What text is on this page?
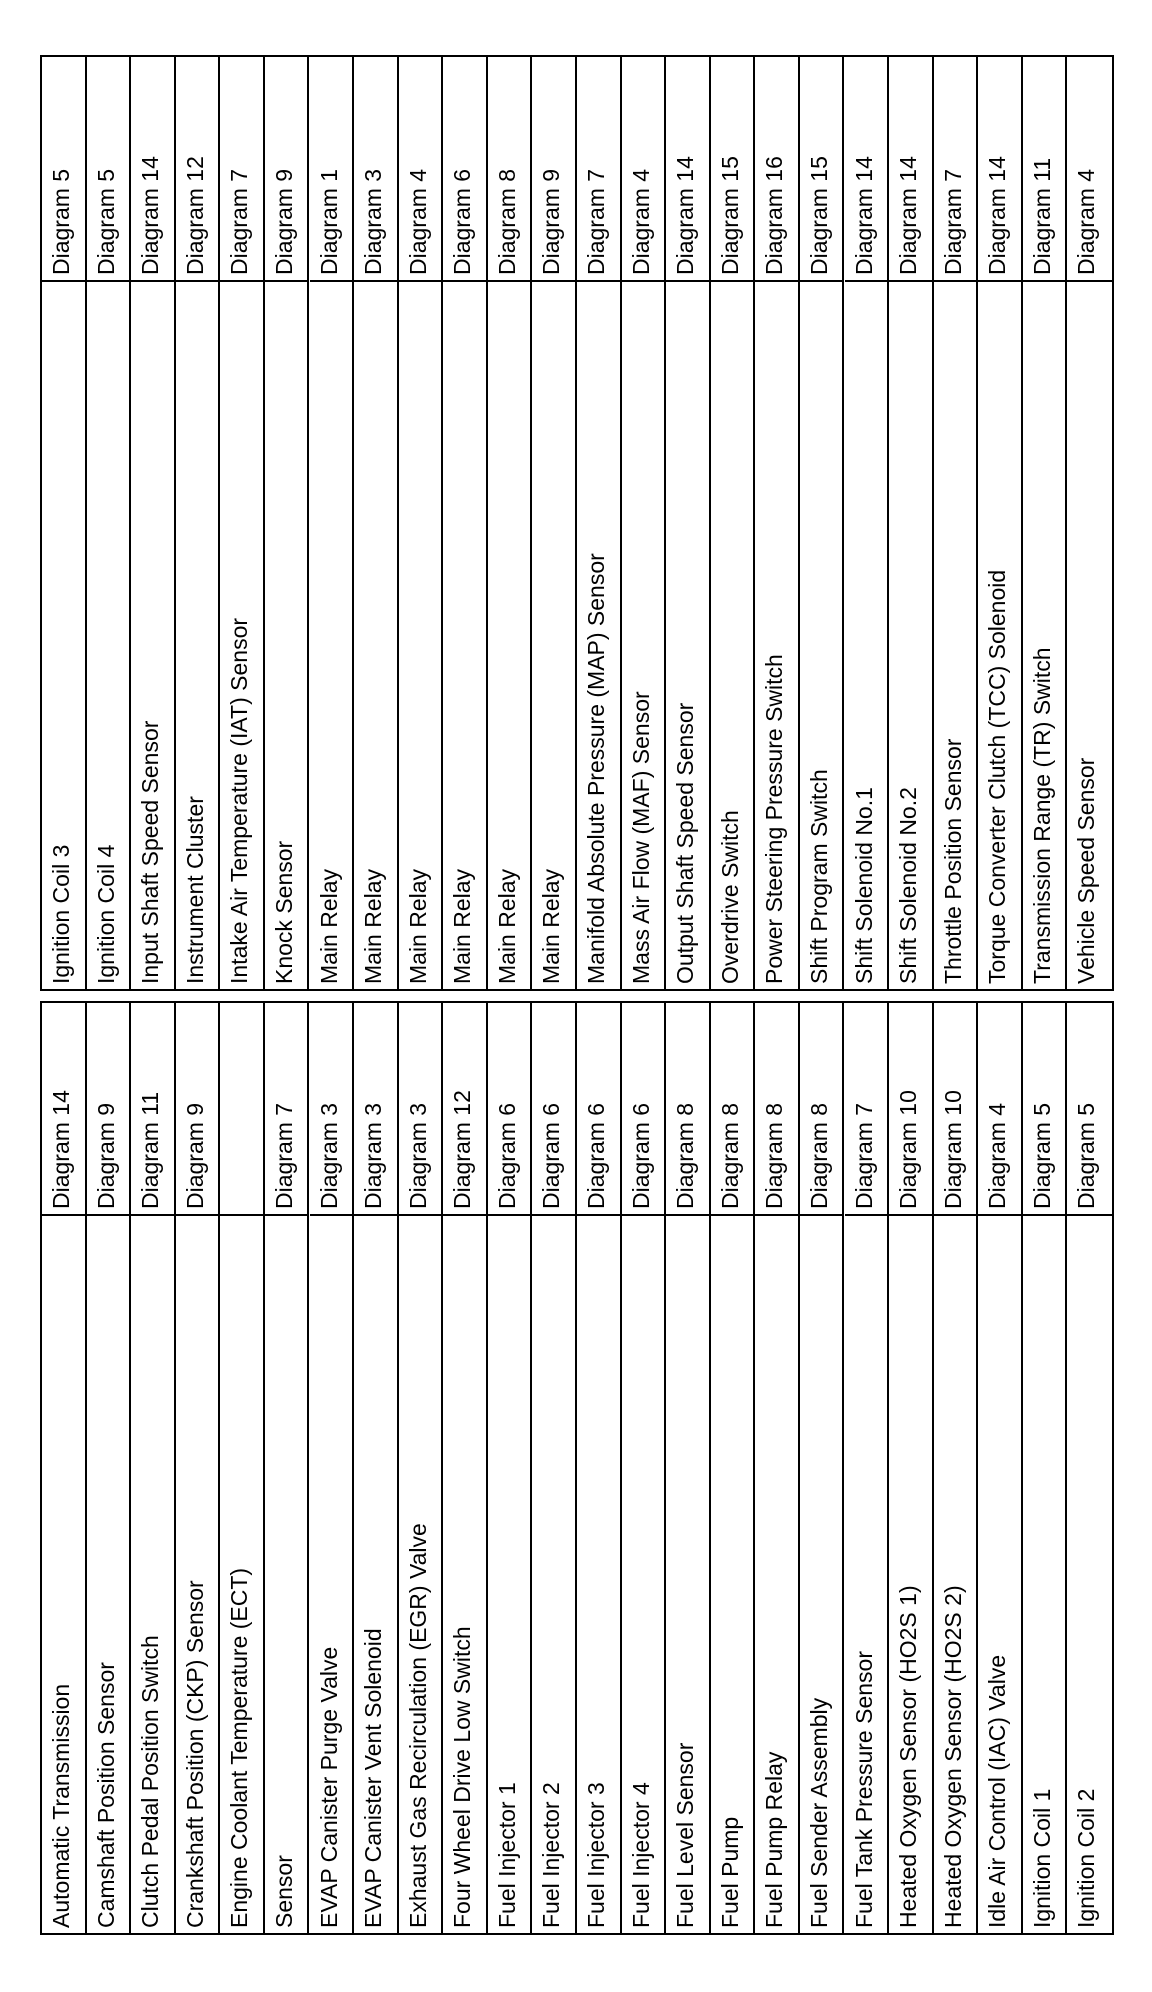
Automatic Transmission
Diagram 14
Camshaft Position Sensor
Diagram 9
Clutch Pedal Position Switch
Diagram 11
Crankshaft Position (CKP) Sensor
Diagram 9
Engine Coolant Temperature (ECT) Sensor
Diagram 7
EVAP Canister Purge Valve
Diagram 3
EVAP Canister Vent Solenoid
Diagram 3
Exhaust Gas Recirculation (EGR) Valve
Diagram 3
Four Wheel Drive Low Switch
Diagram 12
Fuel Injector 1
Diagram 6
Fuel Injector 2
Diagram 6
Fuel Injector 3
Diagram 6
Fuel Injector 4
Diagram 6
Fuel Level Sensor
Diagram 8
Fuel Pump
Diagram 8
Fuel Pump Relay
Diagram 8
Fuel Sender Assembly
Diagram 8
Fuel Tank Pressure Sensor
Diagram 7
Heated Oxygen Sensor (HO2S 1)
Diagram 10
Heated Oxygen Sensor (HO2S 2)
Diagram 10
Idle Air Control (IAC) Valve
Diagram 4
Ignition Coil 1
Diagram 5
Ignition Coil 2
Diagram 5
Ignition Coil 3
Diagram 5
Ignition Coil 4
Diagram 5
Input Shaft Speed Sensor
Diagram 14
Instrument Cluster
Diagram 12
Intake Air Temperature (IAT) Sensor
Diagram 7
Knock Sensor
Diagram 9
Main Relay
Diagram 1
Main Relay
Diagram 3
Main Relay
Diagram 4
Main Relay
Diagram 6
Main Relay
Diagram 8
Main Relay
Diagram 9
Manifold Absolute Pressure (MAP) Sensor
Diagram 7
Mass Air Flow (MAF) Sensor
Diagram 4
Output Shaft Speed Sensor
Diagram 14
Overdrive Switch
Diagram 15
Power Steering Pressure Switch
Diagram 16
Shift Program Switch
Diagram 15
Shift Solenoid No.1
Diagram 14
Shift Solenoid No.2
Diagram 14
Throttle Position Sensor
Diagram 7
Torque Converter Clutch (TCC) Solenoid
Diagram 14
Transmission Range (TR) Switch
Diagram 11
Vehicle Speed Sensor
Diagram 4
